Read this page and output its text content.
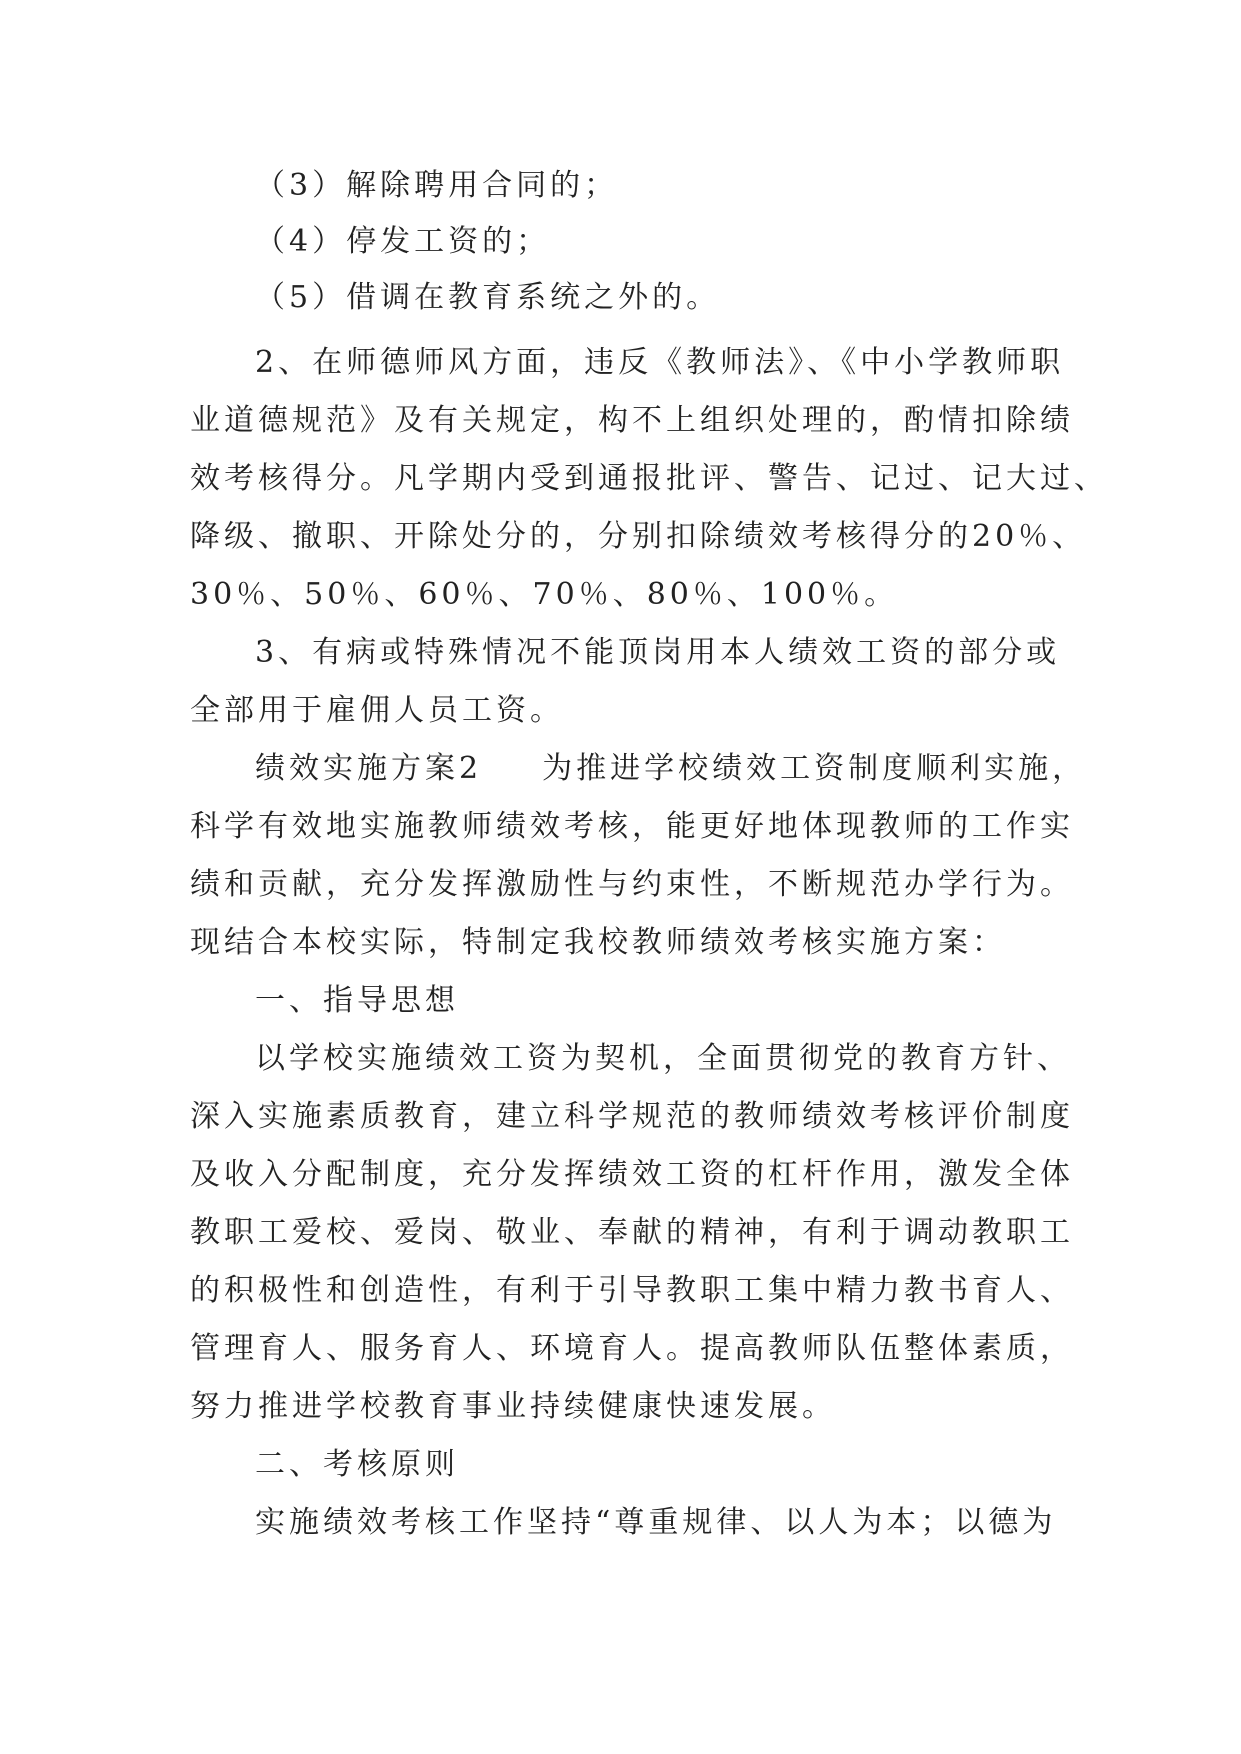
（3）解除聘用合同的；
（4）停发工资的；
（5）借调在教育系统之外的。
2、在师德师风方面，违反《教师法》、《中小学教师职
业道德规范》及有关规定，构不上组织处理的，酌情扣除绩
效考核得分。凡学期内受到通报批评、警告、记过、记大过、
降级、撤职、开除处分的，分别扣除绩效考核得分的20％、
30％、50％、60％、70％、80％、100％。
3、有病或特殊情况不能顶岗用本人绩效工资的部分或
全部用于雇佣人员工资。
绩效实施方案2 为推进学校绩效工资制度顺利实施，
科学有效地实施教师绩效考核，能更好地体现教师的工作实
绩和贡献，充分发挥激励性与约束性，不断规范办学行为。
现结合本校实际，特制定我校教师绩效考核实施方案：
一、指导思想
以学校实施绩效工资为契机，全面贯彻党的教育方针、
深入实施素质教育，建立科学规范的教师绩效考核评价制度
及收入分配制度，充分发挥绩效工资的杠杆作用，激发全体
教职工爱校、爱岗、敬业、奉献的精神，有利于调动教职工
的积极性和创造性，有利于引导教职工集中精力教书育人、
管理育人、服务育人、环境育人。提高教师队伍整体素质，
努力推进学校教育事业持续健康快速发展。
二、考核原则
实施绩效考核工作坚持“尊重规律、以人为本；以德为
